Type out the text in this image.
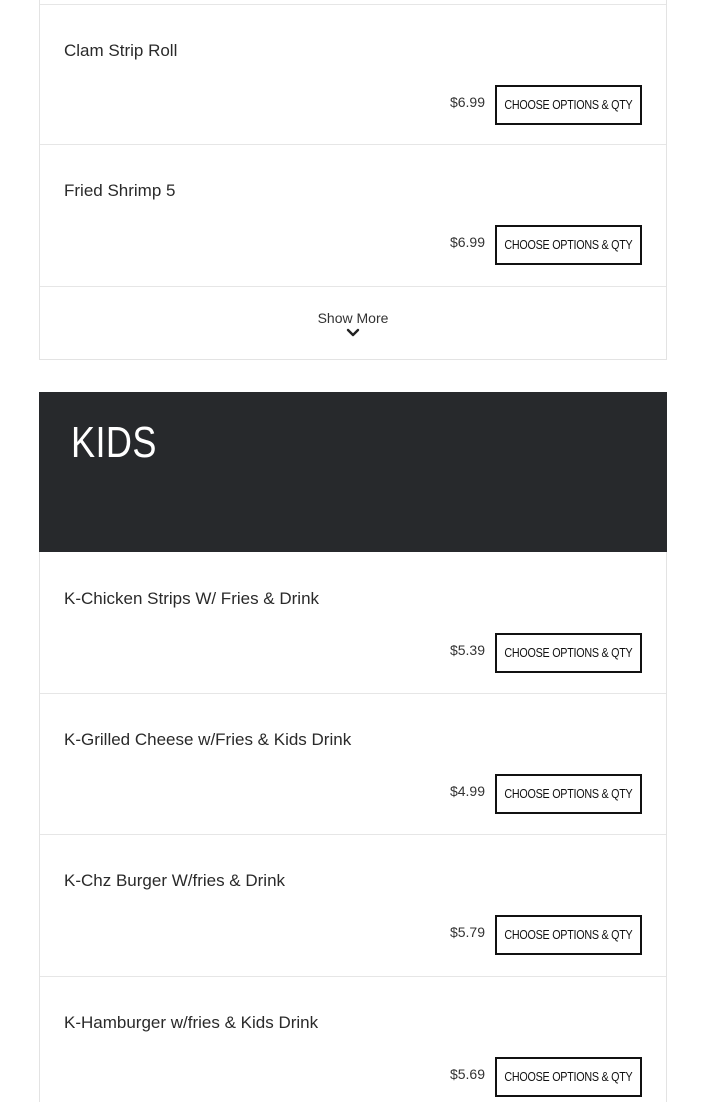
Clam Strip Roll
$6.99 CHOOSE OPTIONS & QTY
Fried Shrimp 5
$6.99 CHOOSE OPTIONS & QTY
Show More
KIDS
K-Chicken Strips W/ Fries & Drink
$5.39 CHOOSE OPTIONS & QTY
K-Grilled Cheese w/Fries & Kids Drink
$4.99 CHOOSE OPTIONS & QTY
K-Chz Burger W/fries & Drink
$5.79 CHOOSE OPTIONS & QTY
K-Hamburger w/fries & Kids Drink
$5.69 CHOOSE OPTIONS & QTY
